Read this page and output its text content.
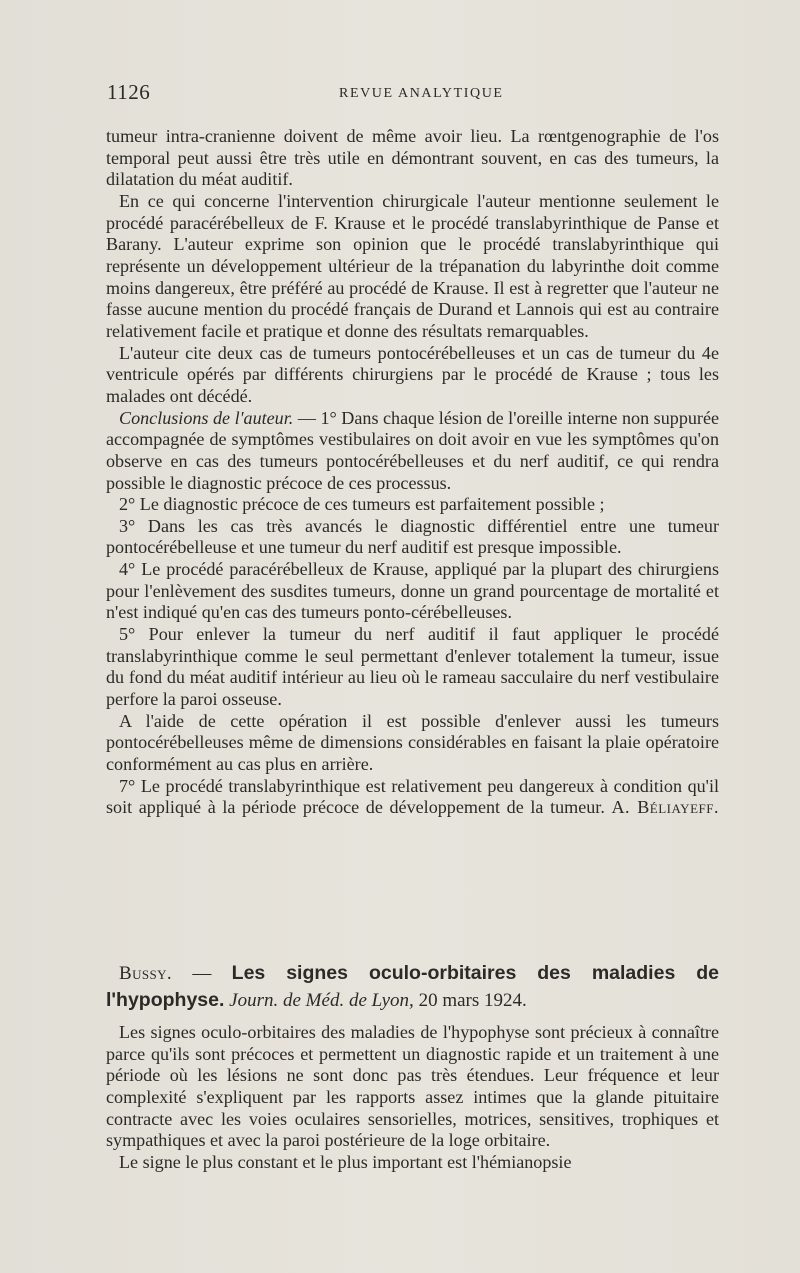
1126	REVUE ANALYTIQUE

tumeur intra-cranienne doivent de même avoir lieu. La rœntgenographie de l'os temporal peut aussi être très utile en démontrant souvent, en cas des tumeurs, la dilatation du méat auditif.

En ce qui concerne l'intervention chirurgicale l'auteur mentionne seulement le procédé paracérébelleux de F. Krause et le procédé translabyrinthique de Panse et Barany. L'auteur exprime son opinion que le procédé translabyrinthique qui représente un développement ultérieur de la trépanation du labyrinthe doit comme moins dangereux, être préféré au procédé de Krause. Il est à regretter que l'auteur ne fasse aucune mention du procédé français de Durand et Lannois qui est au contraire relativement facile et pratique et donne des résultats remarquables.

L'auteur cite deux cas de tumeurs pontocérébelleuses et un cas de tumeur du 4e ventricule opérés par différents chirurgiens par le procédé de Krause ; tous les malades ont décédé.

Conclusions de l'auteur. — 1° Dans chaque lésion de l'oreille interne non suppurée accompagnée de symptômes vestibulaires on doit avoir en vue les symptômes qu'on observe en cas des tumeurs pontocérébelleuses et du nerf auditif, ce qui rendra possible le diagnostic précoce de ces processus.

2° Le diagnostic précoce de ces tumeurs est parfaitement possible ;

3° Dans les cas très avancés le diagnostic différentiel entre une tumeur pontocérébelleuse et une tumeur du nerf auditif est presque impossible.

4° Le procédé paracérébelleux de Krause, appliqué par la plupart des chirurgiens pour l'enlèvement des susdites tumeurs, donne un grand pourcentage de mortalité et n'est indiqué qu'en cas des tumeurs ponto-cérébelleuses.

5° Pour enlever la tumeur du nerf auditif il faut appliquer le procédé translabyrinthique comme le seul permettant d'enlever totalement la tumeur, issue du fond du méat auditif intérieur au lieu où le rameau sacculaire du nerf vestibulaire perfore la paroi osseuse.

A l'aide de cette opération il est possible d'enlever aussi les tumeurs pontocérébelleuses même de dimensions considérables en faisant la plaie opératoire conformément au cas plus en arrière.

7° Le procédé translabyrinthique est relativement peu dangereux à condition qu'il soit appliqué à la période précoce de développement de la tumeur. A. Béliayeff.

Bussy. — Les signes oculo-orbitaires des maladies de l'hypophyse. Journ. de Méd. de Lyon, 20 mars 1924.

Les signes oculo-orbitaires des maladies de l'hypophyse sont précieux à connaître parce qu'ils sont précoces et permettent un diagnostic rapide et un traitement à une période où les lésions ne sont donc pas très étendues. Leur fréquence et leur complexité s'expliquent par les rapports assez intimes que la glande pituitaire contracte avec les voies oculaires sensorielles, motrices, sensitives, trophiques et sympathiques et avec la paroi postérieure de la loge orbitaire.

Le signe le plus constant et le plus important est l'hémianopsie
